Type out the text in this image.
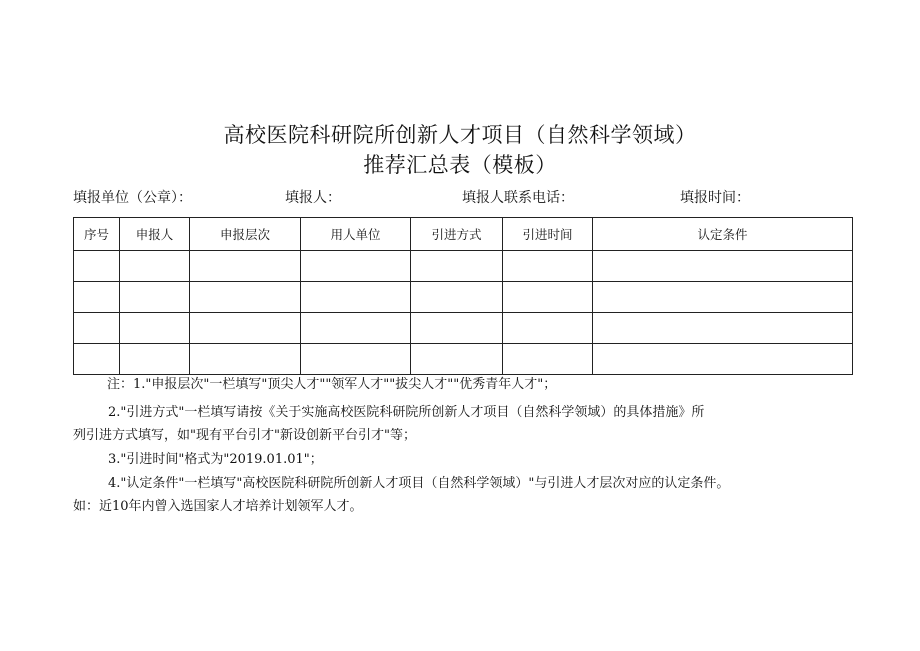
高校医院科研院所创新人才项目（自然科学领域）
推荐汇总表（模板）
填报单位（公章）：	填报人：	填报人联系电话：	填报时间：
序号	申报人	申报层次	用人单位	引进方式	引进时间	认定条件

注：1."申报层次"一栏填写"顶尖人才""领军人才""拔尖人才""优秀青年人才"；
2."引进方式"一栏填写请按《关于实施高校医院科研院所创新人才项目（自然科学领域）的具体措施》所
列引进方式填写，如"现有平台引才"新设创新平台引才"等；
3."引进时间"格式为"2019.01.01"；
4."认定条件"一栏填写"高校医院科研院所创新人才项目（自然科学领域）"与引进人才层次对应的认定条件。
如：近10年内曾入选国家人才培养计划领军人才。
